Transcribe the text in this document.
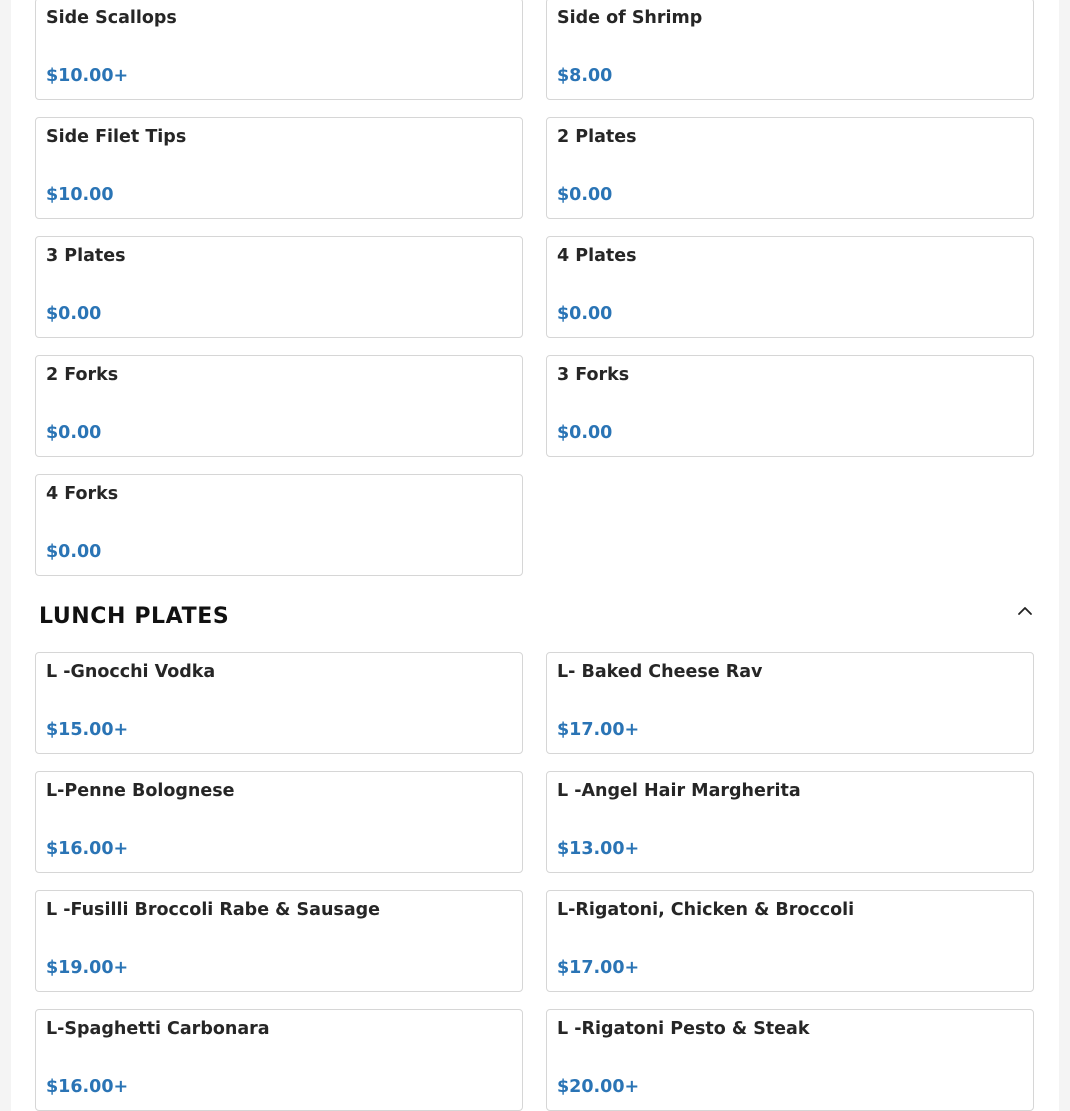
Side Scallops
$10.00+
Side of Shrimp
$8.00
Side Filet Tips
$10.00
2 Plates
$0.00
3 Plates
$0.00
4 Plates
$0.00
2 Forks
$0.00
3 Forks
$0.00
4 Forks
$0.00
LUNCH PLATES
L -Gnocchi Vodka
$15.00+
L- Baked Cheese Rav
$17.00+
L-Penne Bolognese
$16.00+
L -Angel Hair Margherita
$13.00+
L -Fusilli Broccoli Rabe & Sausage
$19.00+
L-Rigatoni, Chicken & Broccoli
$17.00+
L-Spaghetti Carbonara
$16.00+
L -Rigatoni Pesto & Steak
$20.00+
